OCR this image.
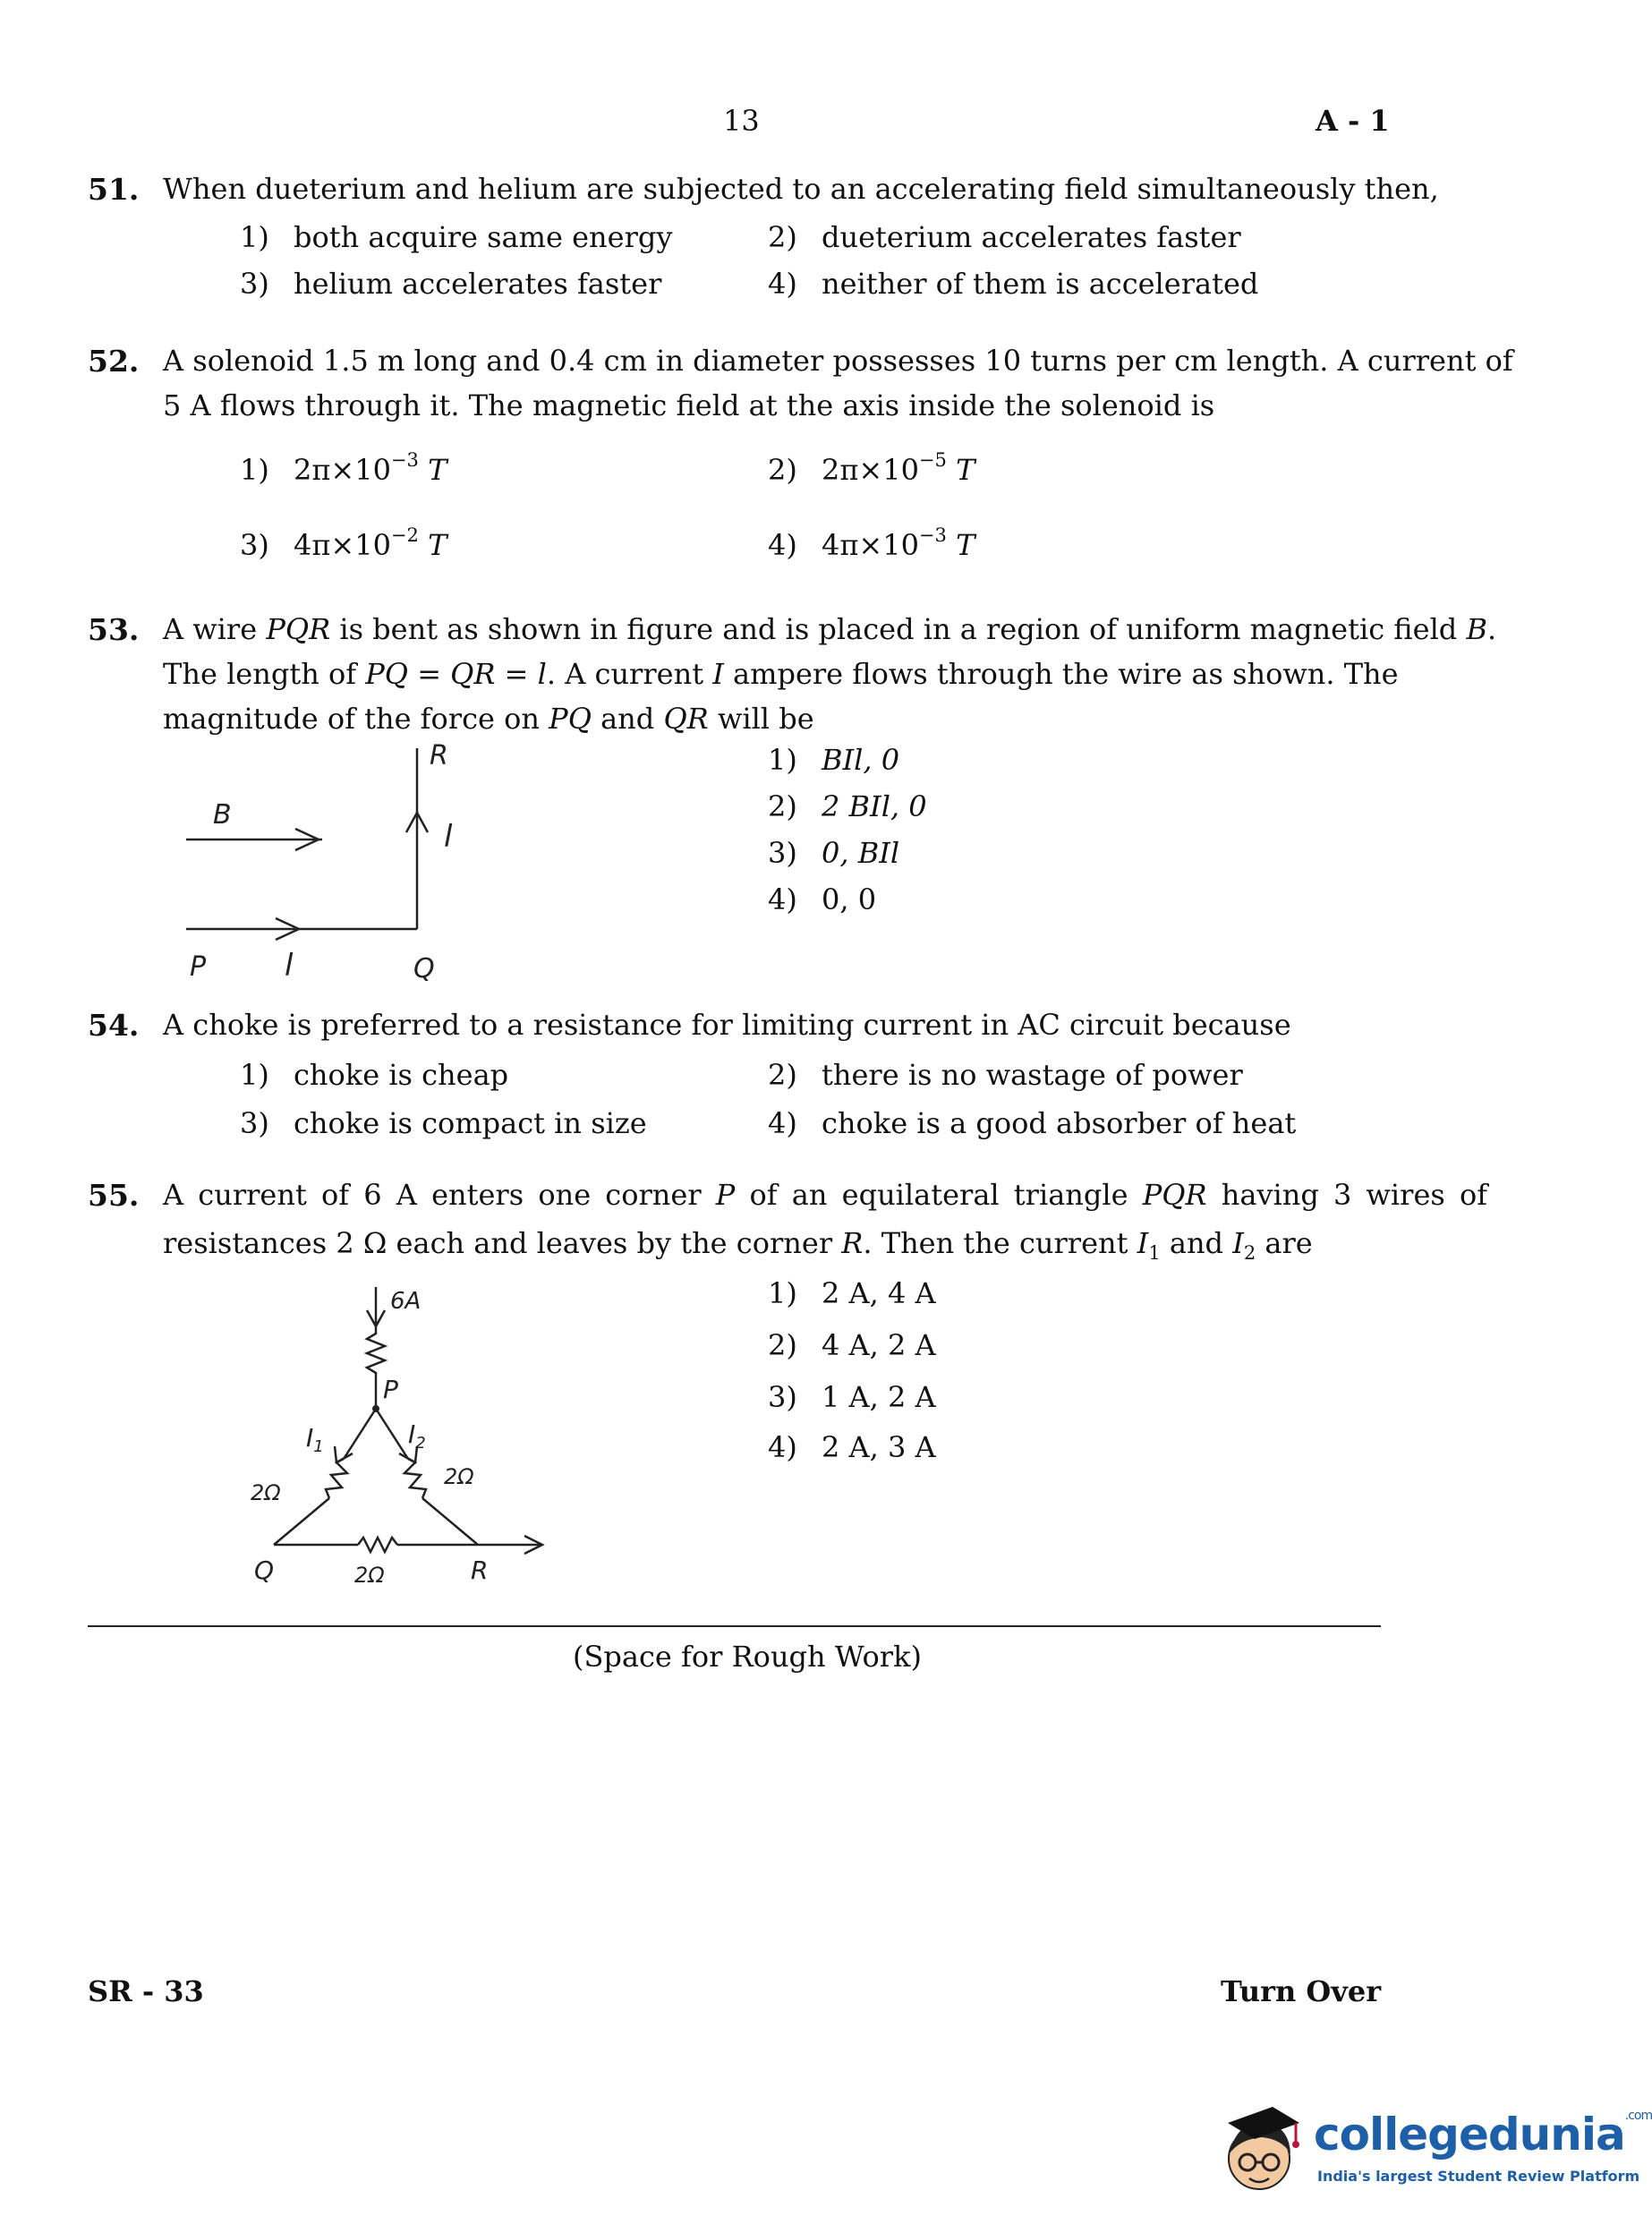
13	A - 1
51. When dueterium and helium are subjected to an accelerating field simultaneously then,
1) both acquire same energy	2) dueterium accelerates faster
3) helium accelerates faster	4) neither of them is accelerated
52. A solenoid 1.5 m long and 0.4 cm in diameter possesses 10 turns per cm length. A current of
5 A flows through it. The magnetic field at the axis inside the solenoid is
1) $2\pi\times 10^{-3}$ T	2) $2\pi\times 10^{-5}$ T
3) $4\pi\times 10^{-2}$ T	4) $4\pi\times 10^{-3}$ T
53. A wire PQR is bent as shown in figure and is placed in a region of uniform magnetic field B.
The length of PQ = QR = l. A current I ampere flows through the wire as shown. The
magnitude of the force on PQ and QR will be
R
B
l
P	l	Q
1) BIl, 0
2) 2 BIl, 0
3) 0, BIl
4) 0, 0
54. A choke is preferred to a resistance for limiting current in AC circuit because
1) choke is cheap	2) there is no wastage of power
3) choke is compact in size	4) choke is a good absorber of heat
55. A current of 6 A enters one corner P of an equilateral triangle PQR having 3 wires of
resistances 2 Ω each and leaves by the corner R. Then the current $I_1$ and $I_2$ are
6A
P
$I_1$	$I_2$
2Ω
2Ω
Q	2Ω	R
1) 2 A, 4 A
2) 4 A, 2 A
3) 1 A, 2 A
4) 2 A, 3 A
(Space for Rough Work)
SR - 33	Turn Over
collegedunia$^{.com}$
India's largest Student Review Platform
